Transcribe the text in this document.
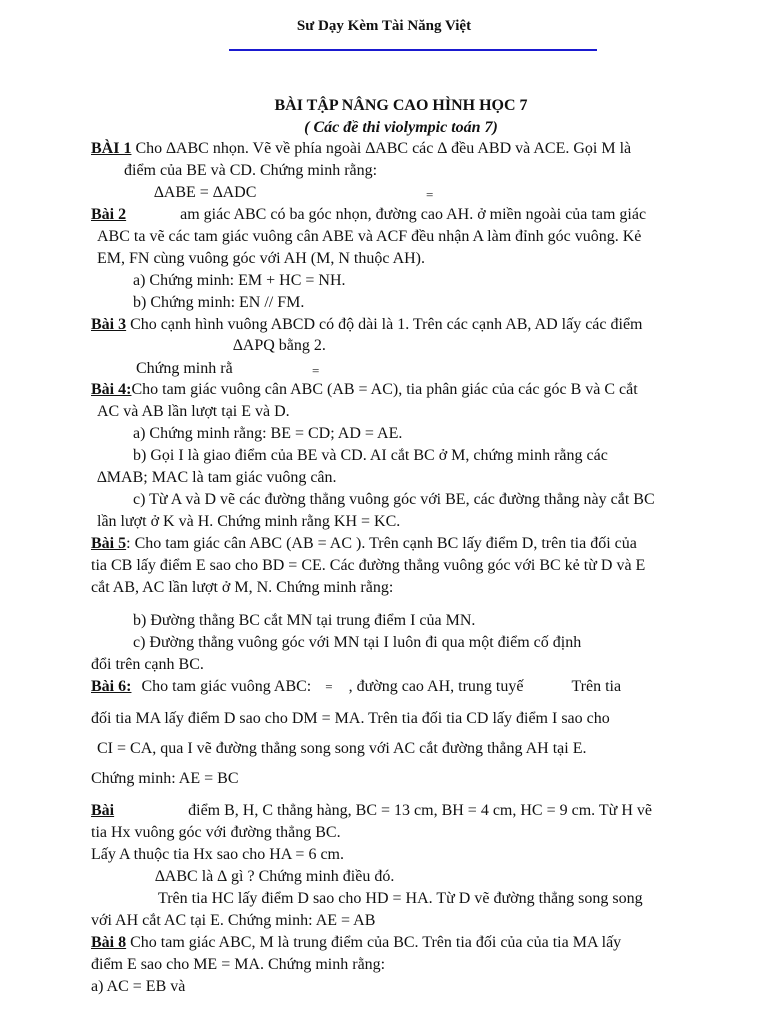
Sư Dạy Kèm Tài Năng Việt
BÀI TẬP NÂNG CAO HÌNH HỌC 7
( Các đề thi violympic toán 7)
BÀI 1 Cho ∆ABC nhọn. Vẽ về phía ngoài ∆ABC các ∆ đều ABD và ACE. Gọi M là
điểm của BE và CD. Chứng minh rằng:
∆ABE = ∆ADC	=
Bài 2	am giác ABC có ba góc nhọn, đường cao AH. ở miền ngoài của tam giác
ABC ta vẽ các tam giác vuông cân ABE và ACF đều nhận A làm đỉnh góc vuông. Kẻ
EM, FN cùng vuông góc với AH (M, N thuộc AH).
a) Chứng minh: EM + HC = NH.
b) Chứng minh: EN // FM.
Bài 3 Cho cạnh hình vuông ABCD có độ dài là 1. Trên các cạnh AB, AD lấy các điểm
∆APQ bằng 2.
Chứng minh rằ	=
Bài 4:Cho tam giác vuông cân ABC (AB = AC), tia phân giác của các góc B và C cắt
AC và AB lần lượt tại E và D.
a) Chứng minh rằng: BE = CD; AD = AE.
b) Gọi I là giao điểm của BE và CD. AI cắt BC ở M, chứng minh rằng các
∆MAB; MAC là tam giác vuông cân.
c) Từ A và D vẽ các đường thẳng vuông góc với BE, các đường thẳng này cắt BC
lần lượt ở K và H. Chứng minh rằng KH = KC.
Bài 5: Cho tam giác cân ABC (AB = AC ). Trên cạnh BC lấy điểm D, trên tia đối của
tia CB lấy điểm E sao cho BD = CE. Các đường thẳng vuông góc với BC kẻ từ D và E
cắt AB, AC lần lượt ở M, N. Chứng minh rằng:
b) Đường thẳng BC cắt MN tại trung điểm I của MN.
c) Đường thẳng vuông góc với MN tại I luôn đi qua một điểm cố định
đổi trên cạnh BC.
Bài 6: Cho tam giác vuông ABC: = , đường cao AH, trung tuyế	Trên tia
đối tia MA lấy điểm D sao cho DM = MA. Trên tia đối tia CD lấy điểm I sao cho
CI = CA, qua I vẽ đường thẳng song song với AC cắt đường thẳng AH tại E.
Chứng minh: AE = BC
Bài	điểm B, H, C thẳng hàng, BC = 13 cm, BH = 4 cm, HC = 9 cm. Từ H vẽ
tia Hx vuông góc với đường thẳng BC.
Lấy A thuộc tia Hx sao cho HA = 6 cm.
∆ABC là ∆ gì ? Chứng minh điều đó.
Trên tia HC lấy điểm D sao cho HD = HA. Từ D vẽ đường thẳng song song
với AH cắt AC tại E. Chứng minh: AE = AB
Bài 8 Cho tam giác ABC, M là trung điểm của BC. Trên tia đối của của tia MA lấy
điểm E sao cho ME = MA. Chứng minh rằng:
a) AC = EB và
